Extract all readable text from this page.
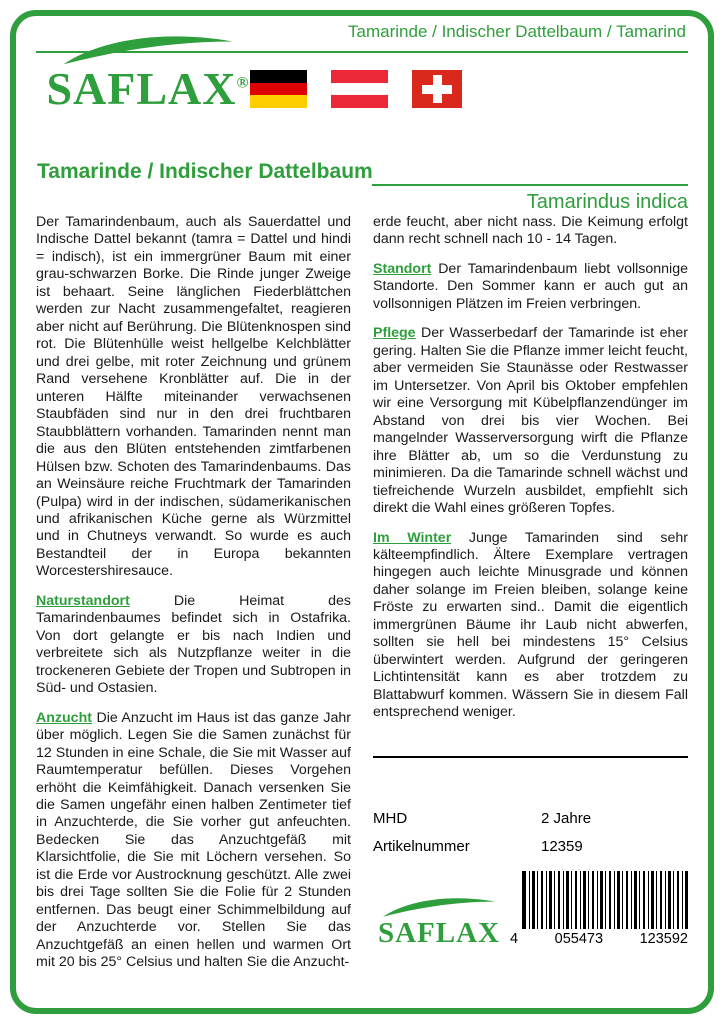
Tamarinde / Indischer Dattelbaum / Tamarind
SAFLAX®
Tamarinde / Indischer Dattelbaum
Tamarindus indica

Der Tamarindenbaum, auch als Sauerdattel und Indische Dattel bekannt (tamra = Dattel und hindi = indisch), ist ein immergrüner Baum mit einer grau-schwarzen Borke. Die Rinde junger Zweige ist behaart. Seine länglichen Fiederblättchen werden zur Nacht zusammengefaltet, reagieren aber nicht auf Berührung. Die Blütenknospen sind rot. Die Blütenhülle weist hellgelbe Kelchblätter und drei gelbe, mit roter Zeichnung und grünem Rand versehene Kronblätter auf. Die in der unteren Hälfte miteinander verwachsenen Staubfäden sind nur in den drei fruchtbaren Staubblättern vorhanden. Tamarinden nennt man die aus den Blüten entstehenden zimtfarbenen Hülsen bzw. Schoten des Tamarindenbaums. Das an Weinsäure reiche Fruchtmark der Tamarinden (Pulpa) wird in der indischen, südamerikanischen und afrikanischen Küche gerne als Würzmittel und in Chutneys verwandt. So wurde es auch Bestandteil der in Europa bekannten Worcestershiresauce.

Naturstandort	Die Heimat des Tamarindenbaumes befindet sich in Ostafrika. Von dort gelangte er bis nach Indien und verbreitete sich als Nutzpflanze weiter in die trockeneren Gebiete der Tropen und Subtropen in Süd- und Ostasien.

Anzucht Die Anzucht im Haus ist das ganze Jahr über möglich. Legen Sie die Samen zunächst für 12 Stunden in eine Schale, die Sie mit Wasser auf Raumtemperatur befüllen. Dieses Vorgehen erhöht die Keimfähigkeit. Danach versenken Sie die Samen ungefähr einen halben Zentimeter tief in Anzuchterde, die Sie vorher gut anfeuchten. Bedecken Sie das Anzuchtgefäß mit Klarsichtfolie, die Sie mit Löchern versehen. So ist die Erde vor Austrocknung geschützt. Alle zwei bis drei Tage sollten Sie die Folie für 2 Stunden entfernen. Das beugt einer Schimmelbildung auf der Anzuchterde vor. Stellen Sie das Anzuchtgefäß an einen hellen und warmen Ort mit 20 bis 25° Celsius und halten Sie die Anzucht-

erde feucht, aber nicht nass. Die Keimung erfolgt dann recht schnell nach 10 - 14 Tagen.

Standort Der Tamarindenbaum liebt vollsonnige Standorte. Den Sommer kann er auch gut an vollsonnigen Plätzen im Freien verbringen.

Pflege Der Wasserbedarf der Tamarinde ist eher gering. Halten Sie die Pflanze immer leicht feucht, aber vermeiden Sie Staunässe oder Restwasser im Untersetzer. Von April bis Oktober empfehlen wir eine Versorgung mit Kübelpflanzendünger im Abstand von drei bis vier Wochen. Bei mangelnder Wasserversorgung wirft die Pflanze ihre Blätter ab, um so die Verdunstung zu minimieren. Da die Tamarinde schnell wächst und tiefreichende Wurzeln ausbildet, empfiehlt sich direkt die Wahl eines größeren Topfes.

Im Winter Junge Tamarinden sind sehr kälteempfindlich. Ältere Exemplare vertragen hingegen auch leichte Minusgrade und können daher solange im Freien bleiben, solange keine Fröste zu erwarten sind.. Damit die eigentlich immergrünen Bäume ihr Laub nicht abwerfen, sollten sie hell bei mindestens 15° Celsius überwintert werden. Aufgrund der geringeren Lichtintensität kann es aber trotzdem zu Blattabwurf kommen. Wässern Sie in diesem Fall entsprechend weniger.

MHD	2 Jahre
Artikelnummer	12359
SAFLAX 4	055473	123592
